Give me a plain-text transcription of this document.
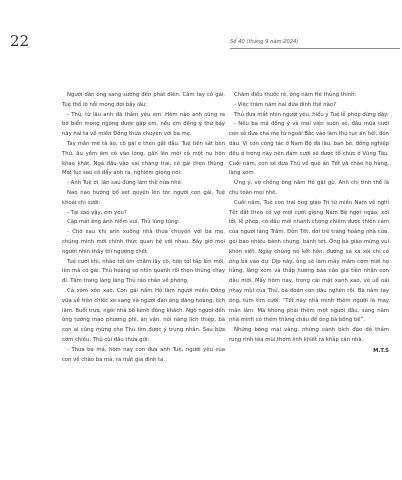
22	Số 40 (tháng 9 năm 2024)

Người đàn ông sang sướng đến phát điên. Cầm tay cô gái, Tuệ thổ lộ nỗi mong đợi bấy lâu:

- Thủ, từ lâu anh đã thầm yêu em. Hôm nào anh cũng ra bờ biển mong ngóng được gặp em, nếu em đồng ý thứ bảy này hai ta về miền Đồng thưa chuyện với ba mẹ.

Tay mân mê tà áo, cô gái e thẹn gật đầu. Tuệ tiến sát bên Thủ, âu yếm ôm cô vào lòng, gần lên môi cô một nụ hôn khao khát. Ngả đầu vào vai chàng trai, cô gái thẹn thùng. Một lúc sau cô đẩy anh ra, nghiêm giọng nói:

- Anh Tuệ ơi, lần sau đừng làm thế nữa nhé.

Nao nao hướng bổ sét quyện lên tóc người con gái, Tuệ khoái chí cười:

- Tại sao vậy, em yêu?

Cặp mắt ông ánh niềm vui, Thủ lúng túng:

- Chờ sau khi anh xuống nhà thưa chuyện với ba mẹ, chúng mình mới chính thức quan hệ với nhau. Bây giờ mọi người nhìn thấy thì ngượng chết.

Tuệ cười khì, nhảo tới ôm chầm lấy cô, hôn tới tấp lên môi, lên má cô gái. Thủ hoảng sợ nhìn quanh rồi thẹn thùng chạy đi. Tấm trang làng làng Thủ rảo chân về phòng.

Cả xóm xôn xao. Con gái nầm Hộ làm người miền Đồng vừa về trên chiếc xe sang và người đàn ông đáng hoàng, lịch lãm. Buổi trưa, ngôi nhà bố kênh đông khách. Ngõ người đến ông tưởng mạo phương phi, ăn vận, nói năng lịch thiệp, bà con ai cũng mừng cho Thủ tìm được ý trung nhân. Sau bữa cơm chiều, Thủ cùi đầu thưa gửi:

- Thưa ba má, hôm nay con đưa anh Tuệ, người yêu của con về chào ba má, ra mắt gia đình ta.

Chăm điếu thuốc rê, ông năm Hè thủng thỉnh:

- Việc trăm năm hai đứa đính thế nào?

Thủ đưa mắt nhìn người yêu, hiểu ý Tuệ lễ phép đứng dậy:

- Nếu ba má đồng ý và mọi việc suôn sẻ, đầu mùa cưới con sẽ đưa cha mẹ từ ngoài Bắc vào làm thủ tục ăn hỏi, đón dâu. Vì con công tác ở Nam Bộ đã lâu, bạn bè, đồng nghiệp đều ở trong này nên đám cưới sẽ được tổ chức ở Vũng Tàu. Cuối năm, con sẽ đưa Thủ về quê ăn Tết và chào họ hàng, làng xóm.

Ừng ý, vợ chồng ông năm Hè gật gù. Anh chị tình thế là chu toàn mọi nhẽ.

Cuối năm, Tuệ con trai ông giáo Trí từ miền Nam về nghỉ Tết đất theo cô vợ mới cưới giọng Nam Bộ ngọt ngào, xởi lởi, lễ phép, cô dâu mới nhanh chóng chiếm được thiện cảm của người làng Trầm. Đón Tết, dời trẻ trang hoàng nhà cửa, gói bao nhiêu bánh chưng, bánh tét. Ông bà giáo mừng vui khôn xiết. Ngày chúng nó kết hôn, đường xá xa xôi chỉ có ông bà vào dự. Dịp này, ông sẽ làm mấy mâm cơm mời họ hàng, làng xóm và thắp hương báo cáo gia tiên nhận con dâu mới. Mấy hôm nay, trong cái mặt xanh xao, vẻ uể oải nhạy mùi của Thủ, bà đoán con dâu nghén rồi. Bà nắm tay ông, tủm tìm cười: “Tết này nhà mình thêm người là may mắn lắm. Mà không phải thêm một người đâu, sang năm nhà mình có thêm thằng cháu để ông bà bồng bế”.

Những bông mai vàng, những cánh bích đào đỏ thắm rung rinh tỏa mùi thơm linh khiết ra khắp căn nhà.

M.T.S
